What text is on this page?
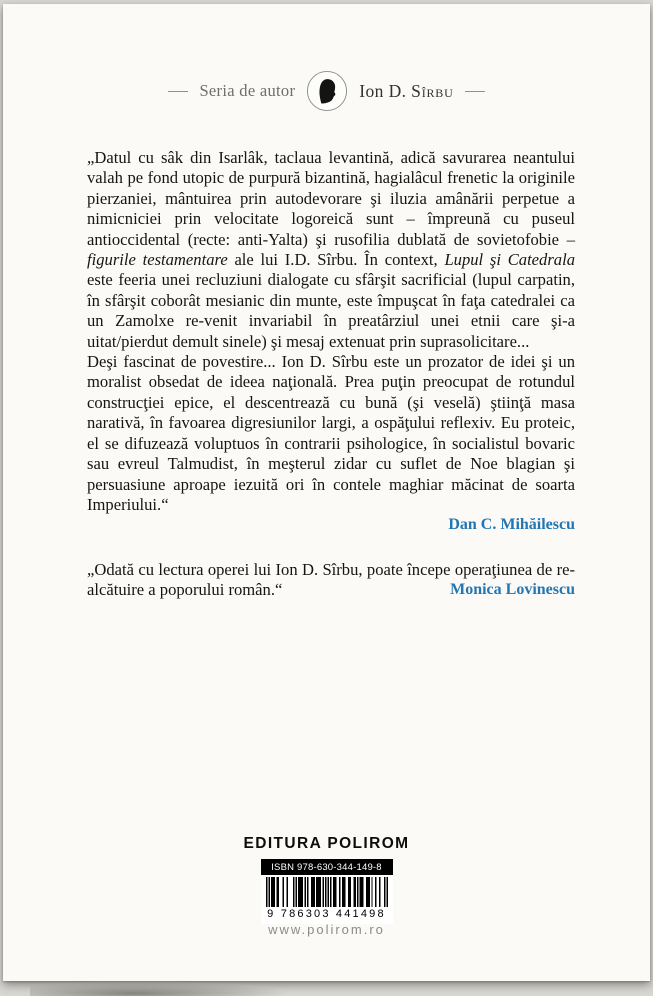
Seria de autor	Ion D. Sîrbu

„Datul cu sâk din Isarlâk, taclaua levantină, adică savurarea neantului valah pe fond utopic de purpură bizantină, hagialâcul frenetic la originile pierzaniei, mântuirea prin autodevorare şi iluzia amânării perpetue a nimicniciei prin velocitate logoreică sunt – împreună cu puseul antioccidental (recte: anti-Yalta) şi rusofilia dublată de sovietofobie – figurile testamentare ale lui I.D. Sîrbu. În context, Lupul şi Catedrala este feeria unei recluziuni dialogate cu sfârşit sacrificial (lupul carpatin, în sfârşit coborât mesianic din munte, este împuşcat în faţa catedralei ca un Zamolxe re-venit invariabil în preatârziul unei etnii care şi-a uitat/pierdut demult sinele) şi mesaj extenuat prin suprasolicitare...

Deşi fascinat de povestire... Ion D. Sîrbu este un prozator de idei şi un moralist obsedat de ideea naţională. Prea puţin preocupat de rotundul construcţiei epice, el descentrează cu bună (şi veselă) ştiinţă masa narativă, în favoarea digresiunilor largi, a ospăţului reflexiv. Eu proteic, el se difuzează voluptuos în contrarii psihologice, în socialistul bovaric sau evreul Talmudist, în meşterul zidar cu suflet de Noe blagian şi persuasiune aproape iezuită ori în contele maghiar măcinat de soarta Imperiului.“

Dan C. Mihăilescu

„Odată cu lectura operei lui Ion D. Sîrbu, poate începe operaţiunea de re-alcătuire a poporului român.“	Monica Lovinescu
EDITURA POLIROM
ISBN 978-630-344-149-8
9 786303 441498
www.polirom.ro
